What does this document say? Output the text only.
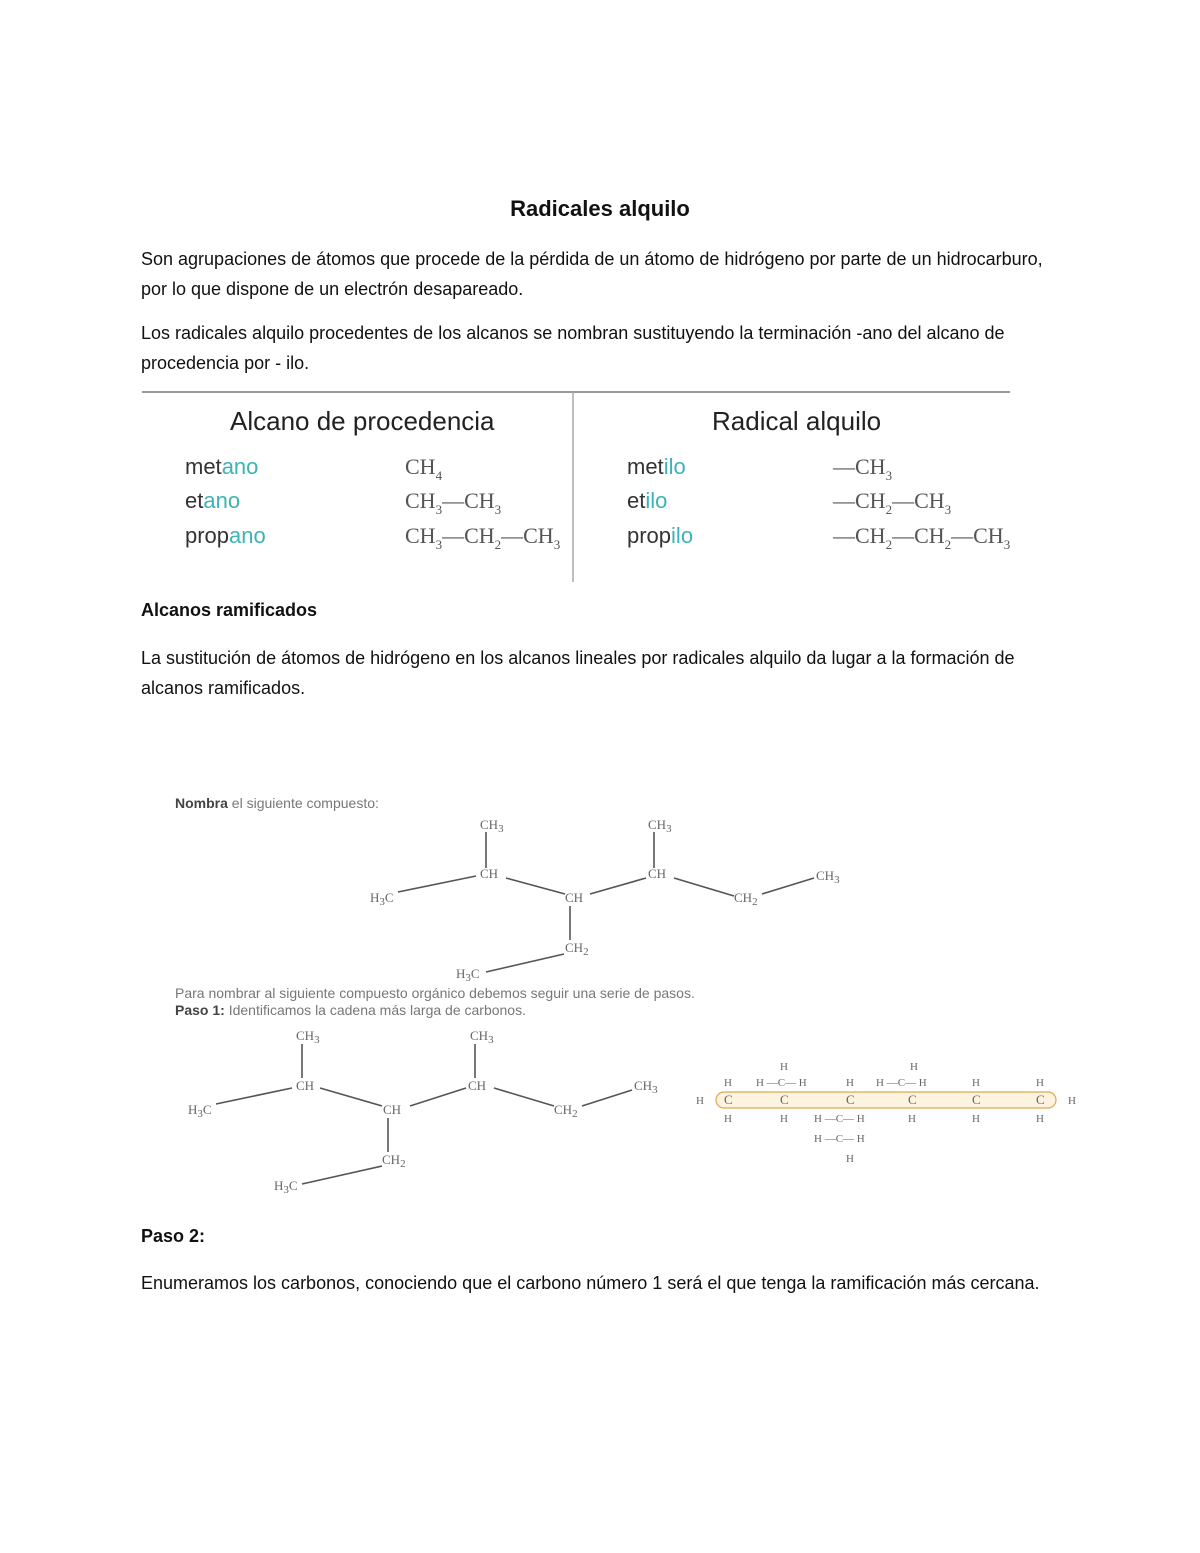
Radicales alquilo

Son agrupaciones de átomos que procede de la pérdida de un átomo de hidrógeno por parte de un hidrocarburo, por lo que dispone de un electrón desapareado.

Los radicales alquilo procedentes de los alcanos se nombran sustituyendo la terminación -ano del alcano de procedencia por - ilo.

Alcano de procedencia	Radical alquilo
metano	$CH_4$	metilo	$—CH_3$
etano	$CH_3—CH_3$	etilo	$—CH_2—CH_3$
propano	$CH_3—CH_2—CH_3$	propilo	$—CH_2—CH_2—CH_3$

Alcanos ramificados

La sustitución de átomos de hidrógeno en los alcanos lineales por radicales alquilo da lugar a la formación de alcanos ramificados.

Nombra el siguiente compuesto:
$CH_3$
CH
$CH_3$
CH
$H_3C$	CH	$CH_2$
$CH_3$
$CH_2$
$H_3C$
Para nombrar al siguiente compuesto orgánico debemos seguir una serie de pasos.
Paso 1: Identificamos la cadena más larga de carbonos.
$CH_3$
CH
$CH_3$
CH
$H_3C$	CH	$CH_2$
$CH_3$
$CH_2$
$H_3C$
H C	C	C	C	C	C H
H
H
H —C— H
H
H H —C— H
H
H	H
H H —C— H	H	H	H
H —C— H
H

Paso 2:

Enumeramos los carbonos, conociendo que el carbono número 1 será el que tenga la ramificación más cercana.
